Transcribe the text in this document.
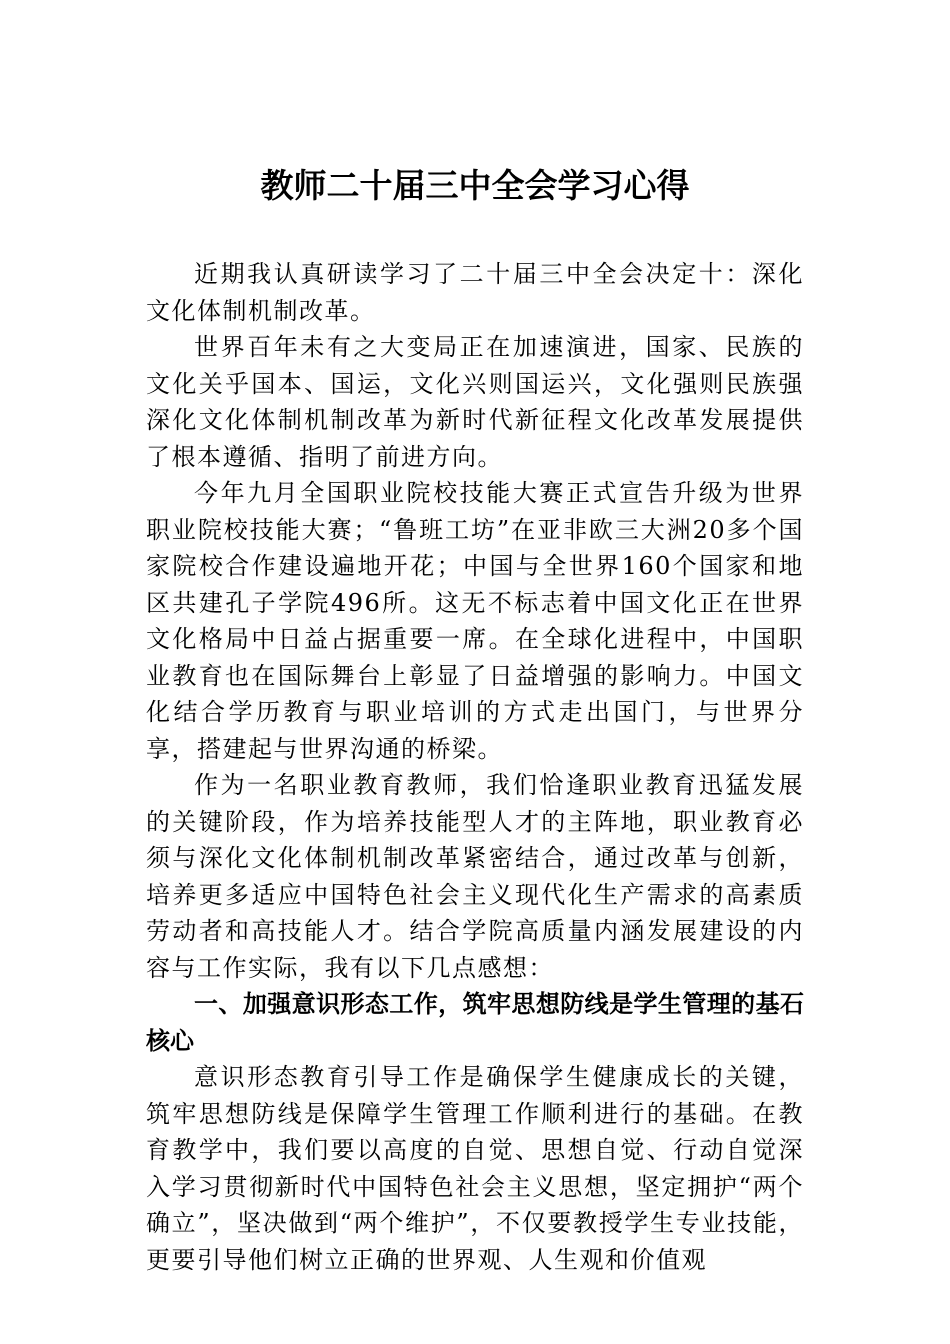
教师二十届三中全会学习心得

近期我认真研读学习了二十届三中全会决定十：深化文化体制机制改革。

世界百年未有之大变局正在加速演进，国家、民族的文化关乎国本、国运，文化兴则国运兴，文化强则民族强深化文化体制机制改革为新时代新征程文化改革发展提供了根本遵循、指明了前进方向。

今年九月全国职业院校技能大赛正式宣告升级为世界职业院校技能大赛；“鲁班工坊”在亚非欧三大洲20多个国家院校合作建设遍地开花；中国与全世界160个国家和地区共建孔子学院496所。这无不标志着中国文化正在世界文化格局中日益占据重要一席。在全球化进程中，中国职业教育也在国际舞台上彰显了日益增强的影响力。中国文化结合学历教育与职业培训的方式走出国门，与世界分享，搭建起与世界沟通的桥梁。

作为一名职业教育教师，我们恰逢职业教育迅猛发展的关键阶段，作为培养技能型人才的主阵地，职业教育必须与深化文化体制机制改革紧密结合，通过改革与创新，培养更多适应中国特色社会主义现代化生产需求的高素质劳动者和高技能人才。结合学院高质量内涵发展建设的内容与工作实际，我有以下几点感想：

一、加强意识形态工作，筑牢思想防线是学生管理的基石核心

意识形态教育引导工作是确保学生健康成长的关键，筑牢思想防线是保障学生管理工作顺利进行的基础。在教育教学中，我们要以高度的自觉、思想自觉、行动自觉深入学习贯彻新时代中国特色社会主义思想，坚定拥护“两个确立”，坚决做到“两个维护”，不仅要教授学生专业技能，更要引导他们树立正确的世界观、人生观和价值观
